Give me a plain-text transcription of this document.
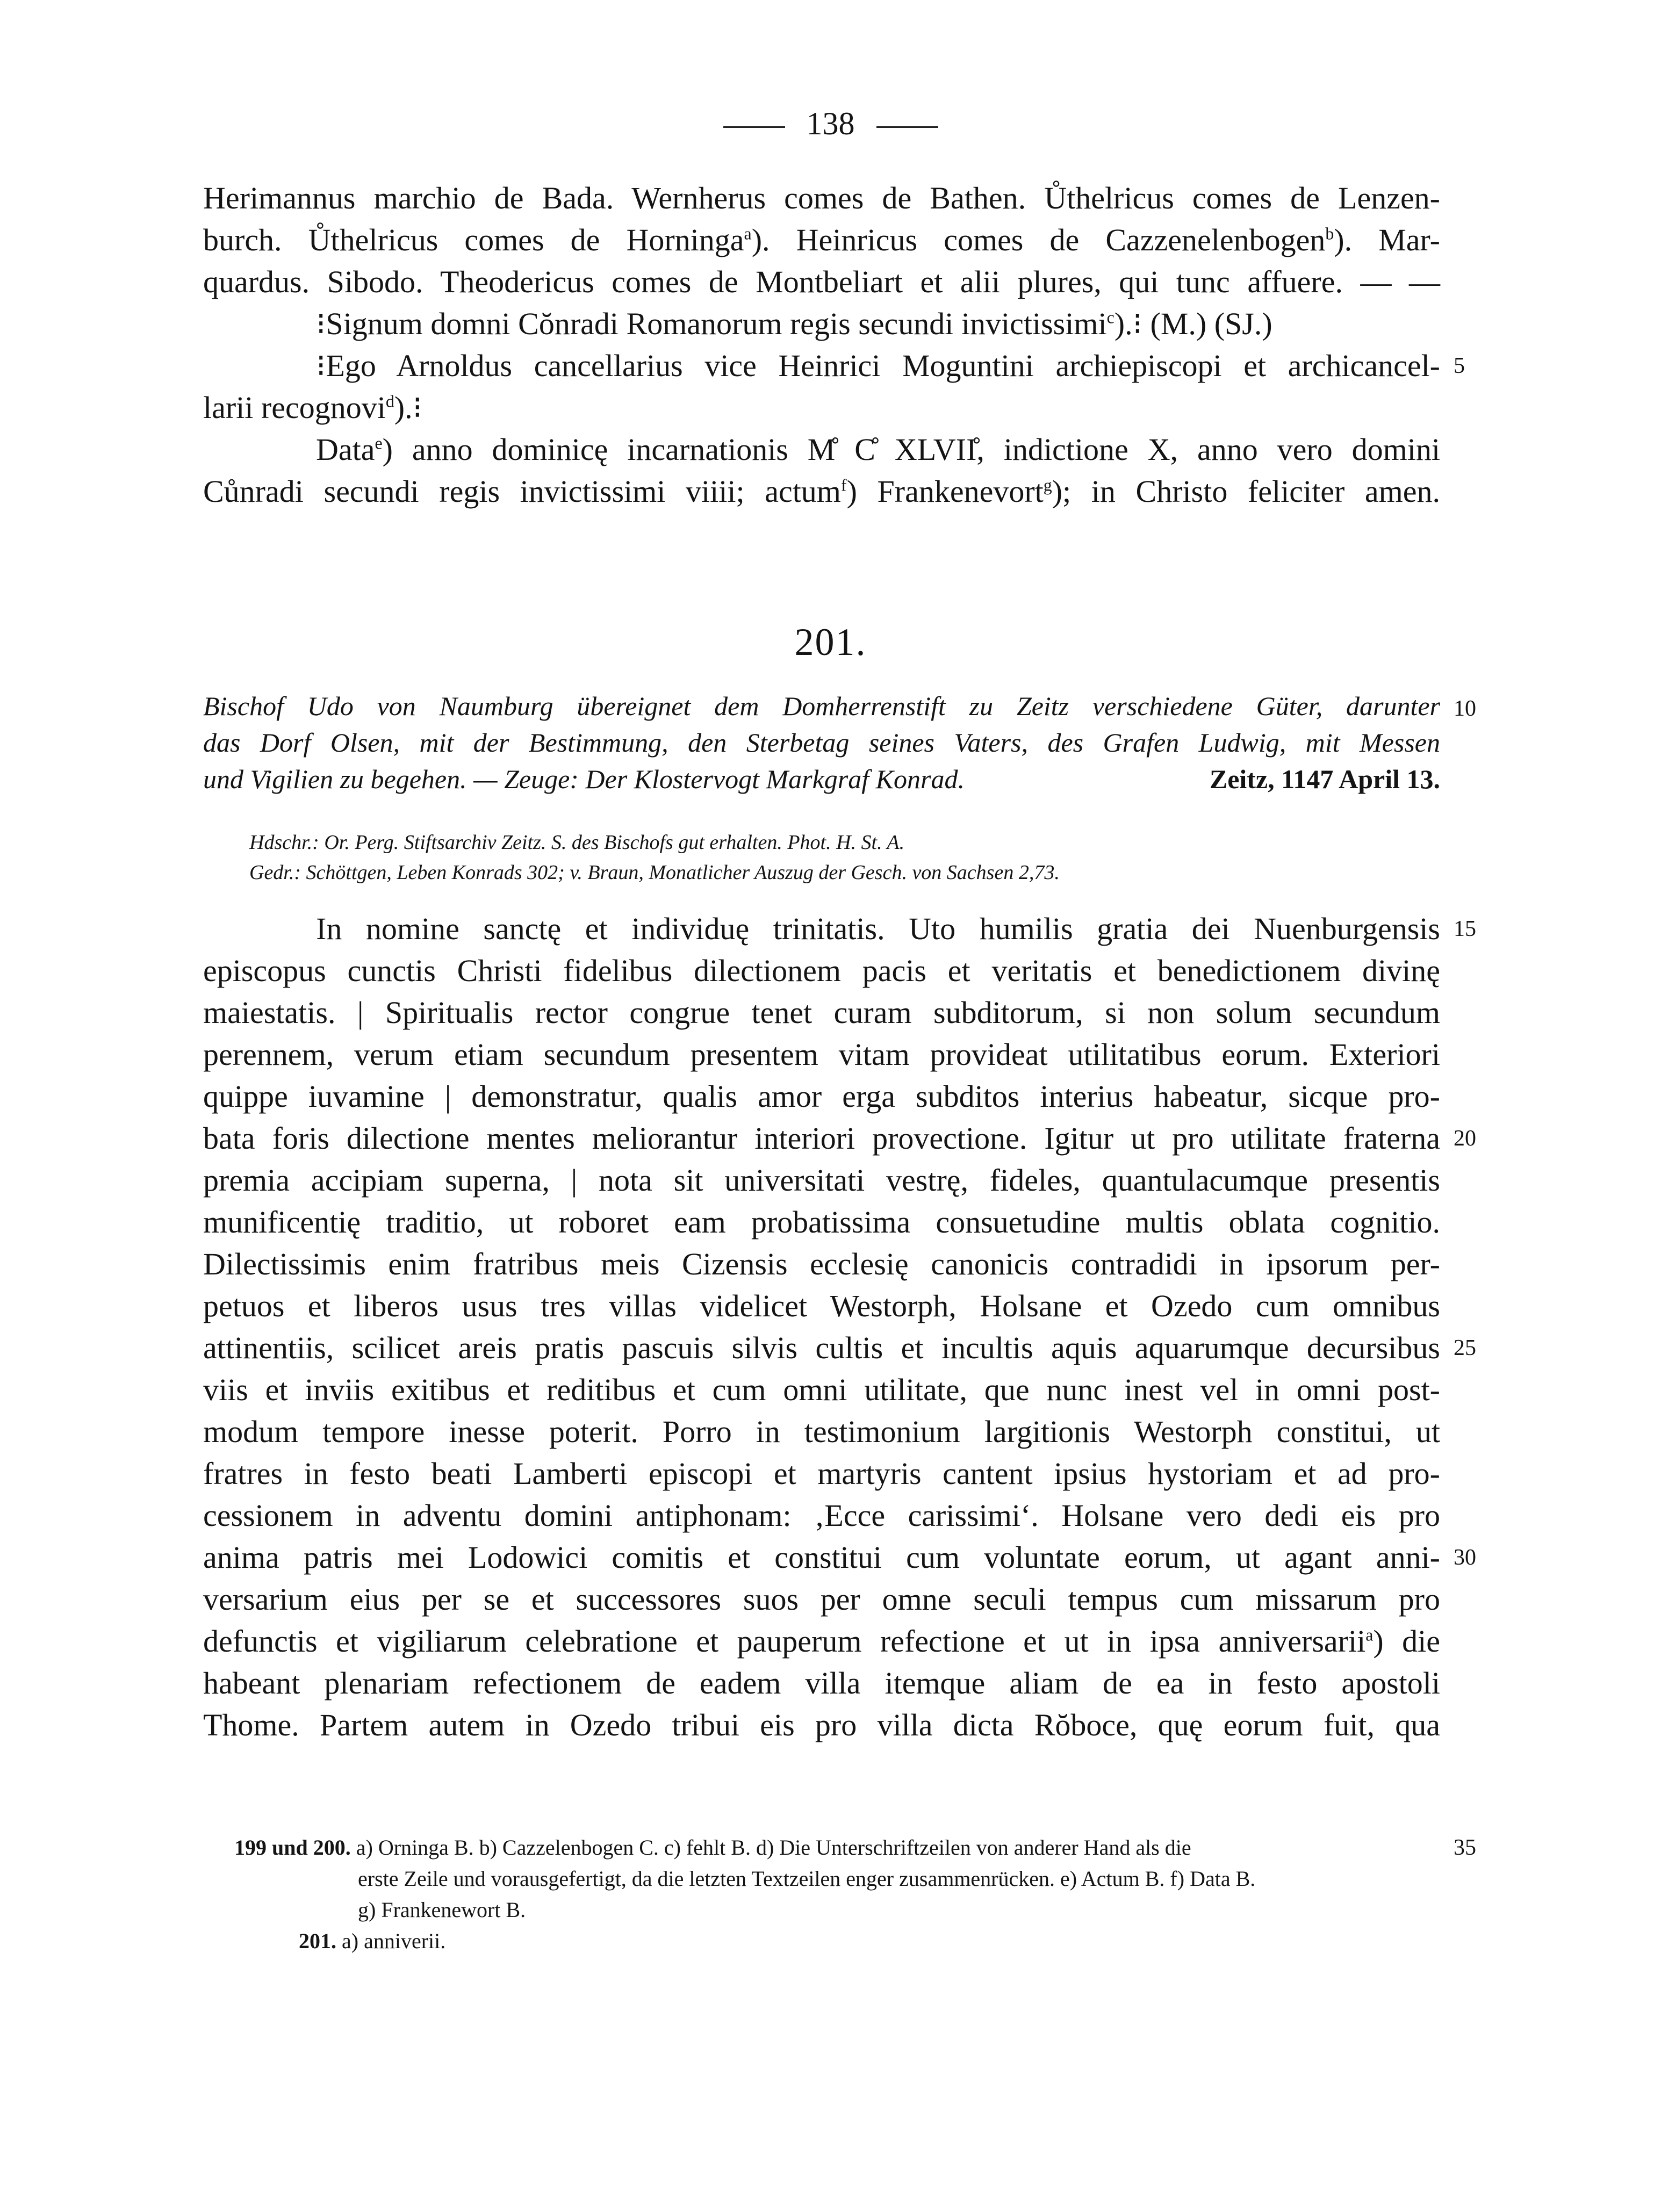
138
Herimannus marchio de Bada. Wernherus comes de Bathen. Ůthelricus comes de Lenzen-
burch. Ůthelricus comes de Horninga$^a$). Heinricus comes de Cazzenelenbogen$^b$). Mar-
quardus. Sibodo. Theodericus comes de Montbeliart et alii plures, qui tunc affuere. — —
⁝Signum domni Cŏnradi Romanorum regis secundi invictissimi$^c$).⁝ (M.) (SJ.)
⁝Ego Arnoldus cancellarius vice Heinrici Moguntini archiepiscopi et archicancel-
larii recognovi$^d$).⁝
Data$^e$) anno dominicę incarnationis M̊ C̊ XLVII̊, indictione X, anno vero domini
Cůnradi secundi regis invictissimi viiii; actum$^f$) Frankenevort$^g$); in Christo feliciter amen.
5
201.
Bischof Udo von Naumburg übereignet dem Domherrenstift zu Zeitz verschiedene Güter, darunter
das Dorf Olsen, mit der Bestimmung, den Sterbetag seines Vaters, des Grafen Ludwig, mit Messen
und Vigilien zu begehen. — Zeuge: Der Klostervogt Markgraf Konrad.	Zeitz, 1147 April 13.
10
Hdschr.: Or. Perg. Stiftsarchiv Zeitz. S. des Bischofs gut erhalten. Phot. H. St. A.
Gedr.: Schöttgen, Leben Konrads 302; v. Braun, Monatlicher Auszug der Gesch. von Sachsen 2,73.
In nomine sanctę et individuę trinitatis. Uto humilis gratia dei Nuenburgensis
episcopus cunctis Christi fidelibus dilectionem pacis et veritatis et benedictionem divinę
maiestatis. | Spiritualis rector congrue tenet curam subditorum, si non solum secundum
perennem, verum etiam secundum presentem vitam provideat utilitatibus eorum. Exteriori
quippe iuvamine | demonstratur, qualis amor erga subditos interius habeatur, sicque pro-
bata foris dilectione mentes meliorantur interiori provectione. Igitur ut pro utilitate fraterna
premia accipiam superna, | nota sit universitati vestrę, fideles, quantulacumque presentis
munificentię traditio, ut roboret eam probatissima consuetudine multis oblata cognitio.
Dilectissimis enim fratribus meis Cizensis ecclesię canonicis contradidi in ipsorum per-
petuos et liberos usus tres villas videlicet Westorph, Holsane et Ozedo cum omnibus
attinentiis, scilicet areis pratis pascuis silvis cultis et incultis aquis aquarumque decursibus
viis et inviis exitibus et reditibus et cum omni utilitate, que nunc inest vel in omni post-
modum tempore inesse poterit. Porro in testimonium largitionis Westorph constitui, ut
fratres in festo beati Lamberti episcopi et martyris cantent ipsius hystoriam et ad pro-
cessionem in adventu domini antiphonam: ‚Ecce carissimi‘. Holsane vero dedi eis pro
anima patris mei Lodowici comitis et constitui cum voluntate eorum, ut agant anni-
versarium eius per se et successores suos per omne seculi tempus cum missarum pro
defunctis et vigiliarum celebratione et pauperum refectione et ut in ipsa anniversarii$^a$) die
habeant plenariam refectionem de eadem villa itemque aliam de ea in festo apostoli
Thome. Partem autem in Ozedo tribui eis pro villa dicta Rŏboce, quę eorum fuit, qua
15
20
25
30
199 und 200. a) Orninga B. b) Cazzelenbogen C. c) fehlt B. d) Die Unterschriftzeilen von anderer Hand als die
erste Zeile und vorausgefertigt, da die letzten Textzeilen enger zusammenrücken. e) Actum B. f) Data B.
g) Frankenewort B.
201. a) anniverii.
35
